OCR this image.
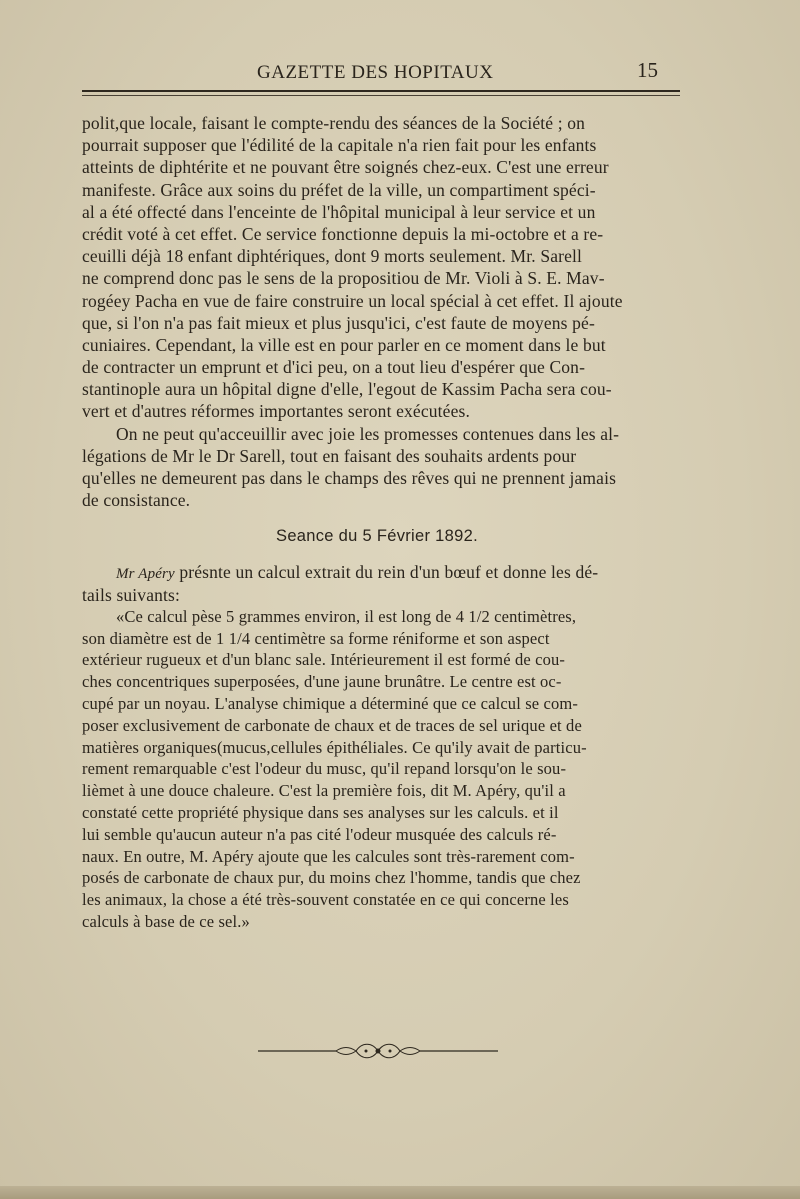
GAZETTE DES HOPITAUX	15
polit,que locale, faisant le compte-rendu des séances de la Société ; on
pourrait supposer que l'édilité de la capitale n'a rien fait pour les enfants
atteints de diphtérite et ne pouvant être soignés chez-eux. C'est une erreur
manifeste. Grâce aux soins du préfet de la ville, un compartiment spéci-
al a été offecté dans l'enceinte de l'hôpital municipal à leur service et un
crédit voté à cet effet. Ce service fonctionne depuis la mi-octobre et a re-
ceuilli déjà 18 enfant diphtériques, dont 9 morts seulement. Mr. Sarell
ne comprend donc pas le sens de la propositiou de Mr. Violi à S. E. Mav-
rogéey Pacha en vue de faire construire un local spécial à cet effet. Il ajoute
que, si l'on n'a pas fait mieux et plus jusqu'ici, c'est faute de moyens pé-
cuniaires. Cependant, la ville est en pour parler en ce moment dans le but
de contracter un emprunt et d'ici peu, on a tout lieu d'espérer que Con-
stantinople aura un hôpital digne d'elle, l'egout de Kassim Pacha sera cou-
vert et d'autres réformes importantes seront exécutées.
On ne peut qu'acceuillir avec joie les promesses contenues dans les al-
légations de Mr le Dr Sarell, tout en faisant des souhaits ardents pour
qu'elles ne demeurent pas dans le champs des rêves qui ne prennent jamais
de consistance.
Seance du 5 Février 1892.
Mr Apéry présnte un calcul extrait du rein d'un bœuf et donne les dé-
tails suivants:
«Ce calcul pèse 5 grammes environ, il est long de 4 1/2 centimètres,
son diamètre est de 1 1/4 centimètre sa forme réniforme et son aspect
extérieur rugueux et d'un blanc sale. Intérieurement il est formé de cou-
ches concentriques superposées, d'une jaune brunâtre. Le centre est oc-
cupé par un noyau. L'analyse chimique a déterminé que ce calcul se com-
poser exclusivement de carbonate de chaux et de traces de sel urique et de
matières organiques(mucus,cellules épithéliales. Ce qu'ily avait de particu-
rement remarquable c'est l'odeur du musc, qu'il repand lorsqu'on le sou-
lièmet à une douce chaleure. C'est la première fois, dit M. Apéry, qu'il a
constaté cette propriété physique dans ses analyses sur les calculs. et il
lui semble qu'aucun auteur n'a pas cité l'odeur musquée des calculs ré-
naux. En outre, M. Apéry ajoute que les calcules sont très-rarement com-
posés de carbonate de chaux pur, du moins chez l'homme, tandis que chez
les animaux, la chose a été très-souvent constatée en ce qui concerne les
calculs à base de ce sel.»
